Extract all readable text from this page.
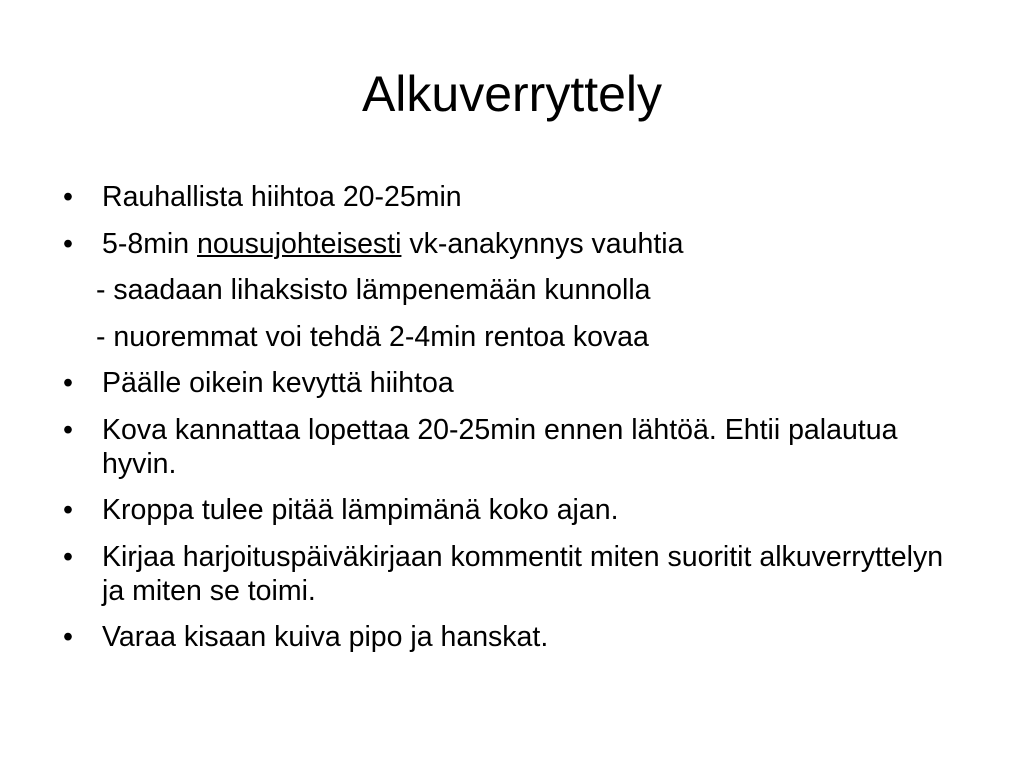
Alkuverryttely
• Rauhallista hiihtoa 20-25min
• 5-8min nousujohteisesti vk-anakynnys vauhtia
- saadaan lihaksisto lämpenemään kunnolla
- nuoremmat voi tehdä 2-4min rentoa kovaa
• Päälle oikein kevyttä hiihtoa
• Kova kannattaa lopettaa 20-25min ennen lähtöä. Ehtii palautua hyvin.
• Kroppa tulee pitää lämpimänä koko ajan.
• Kirjaa harjoituspäiväkirjaan kommentit miten suoritit alkuverryttelyn ja miten se toimi.
• Varaa kisaan kuiva pipo ja hanskat.
